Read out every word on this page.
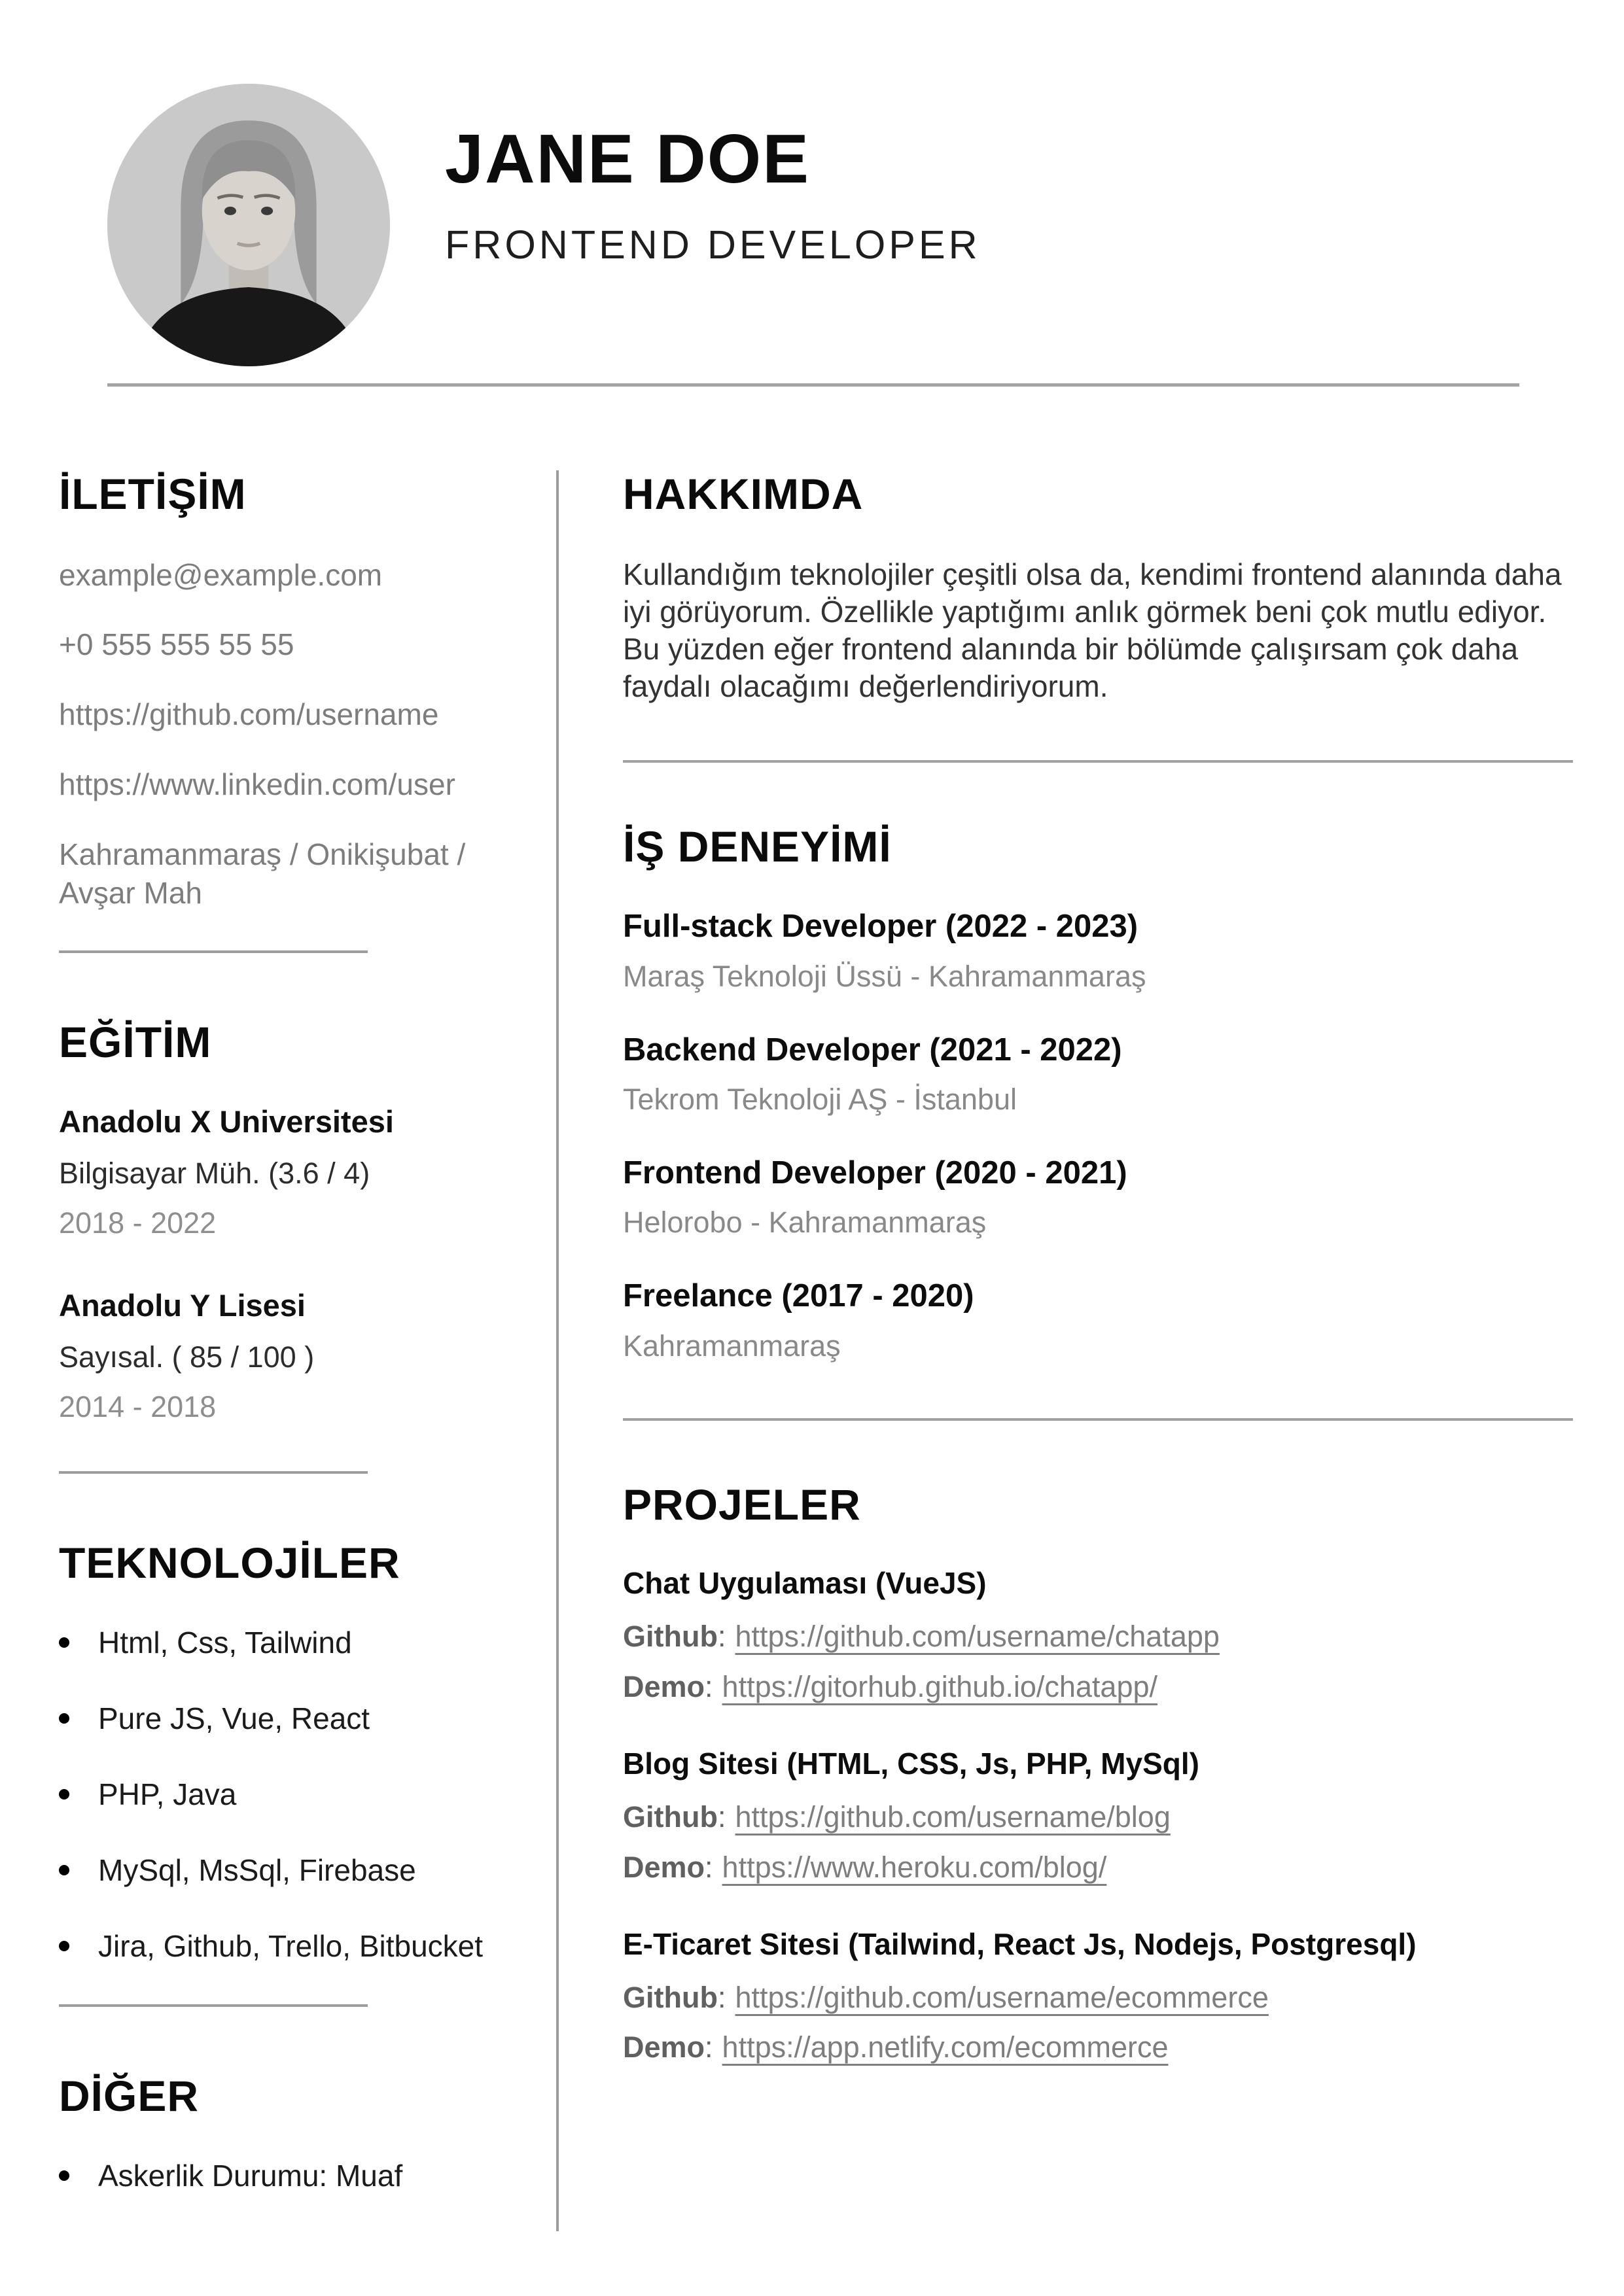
JANE DOE
FRONTEND DEVELOPER
İLETİŞİM

example@example.com

+0 555 555 55 55

https://github.com/username

https://www.linkedin.com/user

Kahramanmaraş / Onikişubat / Avşar Mah

EĞİTİM

Anadolu X Universitesi

Bilgisayar Müh. (3.6 / 4)

2018 - 2022

Anadolu Y Lisesi

Sayısal. ( 85 / 100 )

2014 - 2018

TEKNOLOJİLER
Html, Css, Tailwind
Pure JS, Vue, React
PHP, Java
MySql, MsSql, Firebase
Jira, Github, Trello, Bitbucket
DİĞER
Askerlik Durumu: Muaf
HAKKIMDA

Kullandığım teknolojiler çeşitli olsa da, kendimi frontend alanında daha iyi görüyorum. Özellikle yaptığımı anlık görmek beni çok mutlu ediyor. Bu yüzden eğer frontend alanında bir bölümde çalışırsam çok daha faydalı olacağımı değerlendiriyorum.

İŞ DENEYİMİ
Full-stack Developer (2022 - 2023)

Maraş Teknoloji Üssü - Kahramanmaraş

Backend Developer (2021 - 2022)

Tekrom Teknoloji AŞ - İstanbul

Frontend Developer (2020 - 2021)

Helorobo - Kahramanmaraş

Freelance (2017 - 2020)

Kahramanmaraş

PROJELER
Chat Uygulaması (VueJS)

Github: https://github.com/username/chatapp

Demo: https://gitorhub.github.io/chatapp/

Blog Sitesi (HTML, CSS, Js, PHP, MySql)

Github: https://github.com/username/blog

Demo: https://www.heroku.com/blog/

E-Ticaret Sitesi (Tailwind, React Js, Nodejs, Postgresql)

Github: https://github.com/username/ecommerce

Demo: https://app.netlify.com/ecommerce
